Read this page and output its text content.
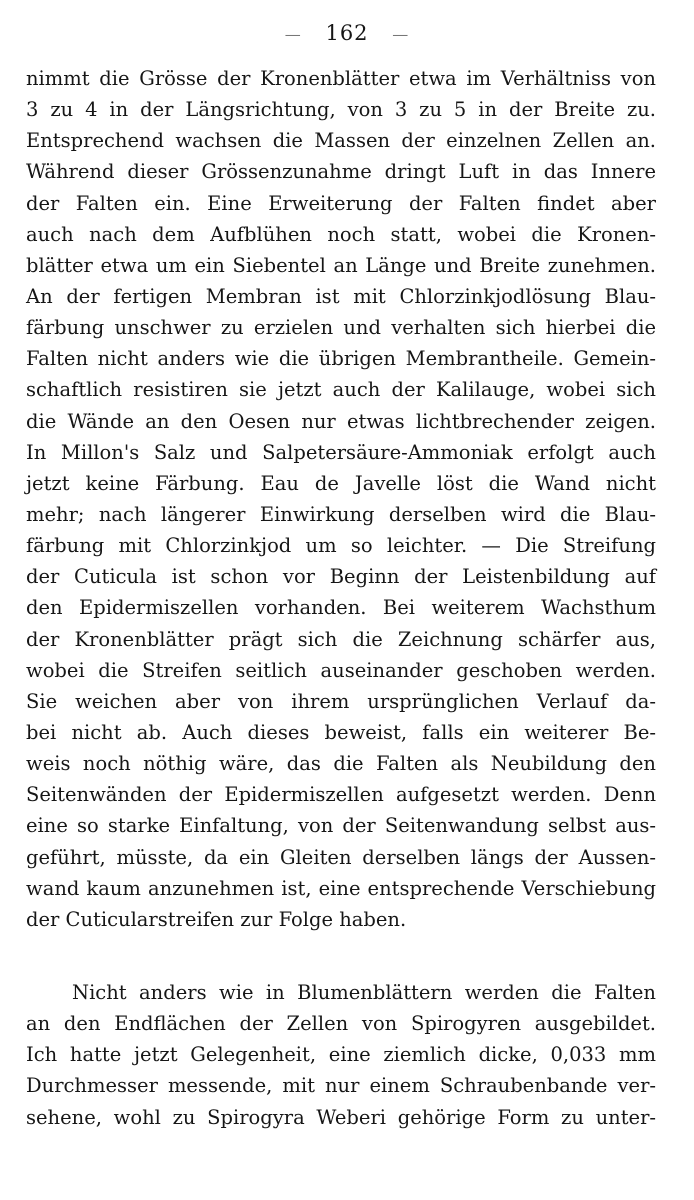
— 162 —
nimmt die Grösse der Kronenblätter etwa im Verhältniss von
3 zu 4 in der Längsrichtung, von 3 zu 5 in der Breite zu.
Entsprechend wachsen die Massen der einzelnen Zellen an.
Während dieser Grössenzunahme dringt Luft in das Innere
der Falten ein. Eine Erweiterung der Falten findet aber
auch nach dem Aufblühen noch statt, wobei die Kronen-
blätter etwa um ein Siebentel an Länge und Breite zunehmen.
An der fertigen Membran ist mit Chlorzinkjodlösung Blau-
färbung unschwer zu erzielen und verhalten sich hierbei die
Falten nicht anders wie die übrigen Membrantheile. Gemein-
schaftlich resistiren sie jetzt auch der Kalilauge, wobei sich
die Wände an den Oesen nur etwas lichtbrechender zeigen.
In Millon's Salz und Salpetersäure-Ammoniak erfolgt auch
jetzt keine Färbung. Eau de Javelle löst die Wand nicht
mehr; nach längerer Einwirkung derselben wird die Blau-
färbung mit Chlorzinkjod um so leichter. — Die Streifung
der Cuticula ist schon vor Beginn der Leistenbildung auf
den Epidermiszellen vorhanden. Bei weiterem Wachsthum
der Kronenblätter prägt sich die Zeichnung schärfer aus,
wobei die Streifen seitlich auseinander geschoben werden.
Sie weichen aber von ihrem ursprünglichen Verlauf da-
bei nicht ab. Auch dieses beweist, falls ein weiterer Be-
weis noch nöthig wäre, das die Falten als Neubildung den
Seitenwänden der Epidermiszellen aufgesetzt werden. Denn
eine so starke Einfaltung, von der Seitenwandung selbst aus-
geführt, müsste, da ein Gleiten derselben längs der Aussen-
wand kaum anzunehmen ist, eine entsprechende Verschiebung
der Cuticularstreifen zur Folge haben.
Nicht anders wie in Blumenblättern werden die Falten
an den Endflächen der Zellen von Spirogyren ausgebildet.
Ich hatte jetzt Gelegenheit, eine ziemlich dicke, 0,033 mm
Durchmesser messende, mit nur einem Schraubenbande ver-
sehene, wohl zu Spirogyra Weberi gehörige Form zu unter-
